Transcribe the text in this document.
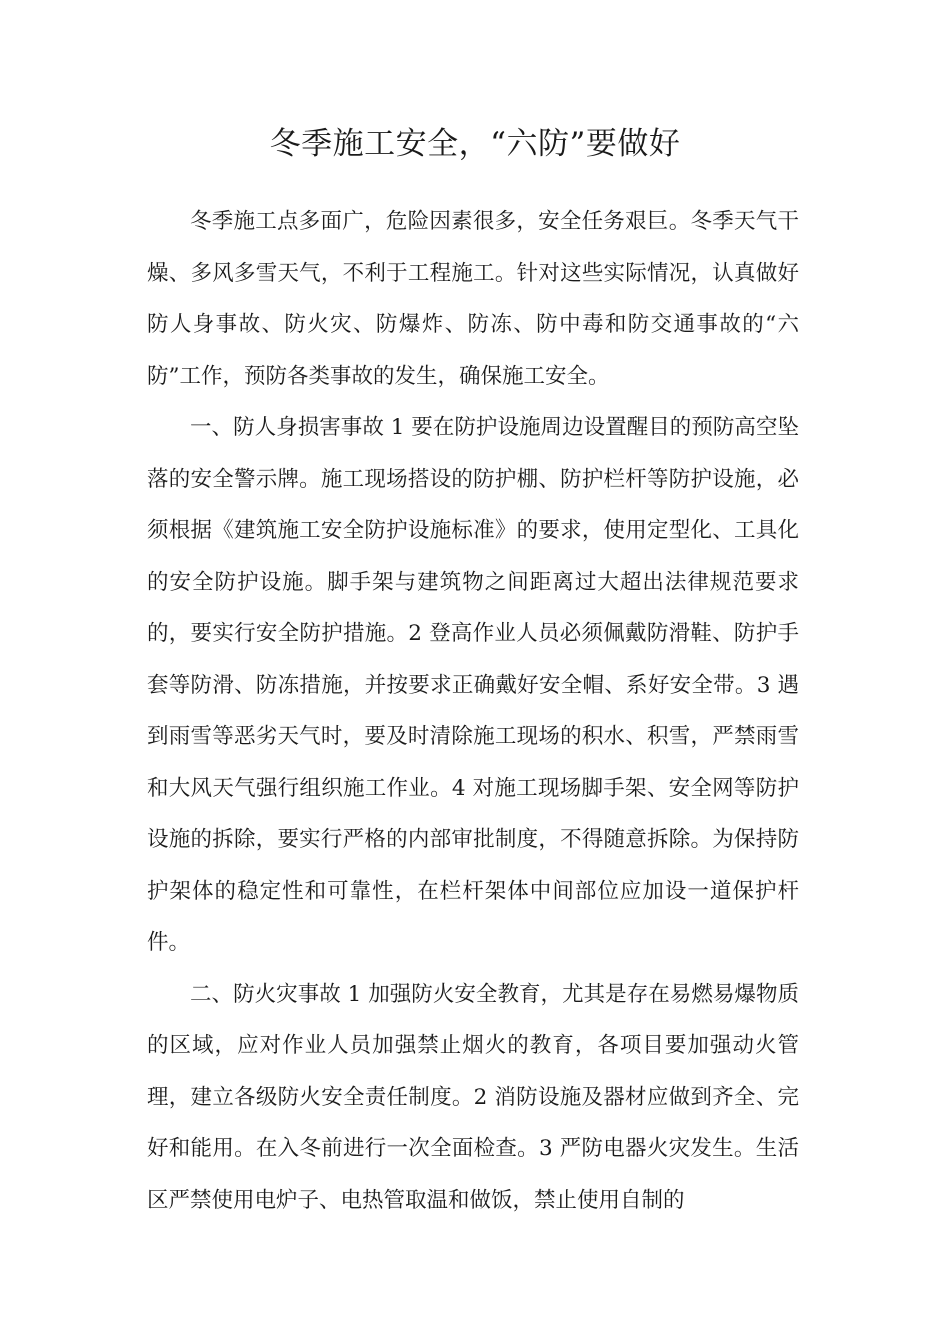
冬季施工安全，“六防”要做好

冬季施工点多面广，危险因素很多，安全任务艰巨。冬季天气干燥、多风多雪天气，不利于工程施工。针对这些实际情况，认真做好防人身事故、防火灾、防爆炸、防冻、防中毒和防交通事故的“六防”工作，预防各类事故的发生，确保施工安全。

一、防人身损害事故 1 要在防护设施周边设置醒目的预防高空坠落的安全警示牌。施工现场搭设的防护棚、防护栏杆等防护设施，必须根据《建筑施工安全防护设施标准》的要求，使用定型化、工具化的安全防护设施。脚手架与建筑物之间距离过大超出法律规范要求的，要实行安全防护措施。2 登高作业人员必须佩戴防滑鞋、防护手套等防滑、防冻措施，并按要求正确戴好安全帽、系好安全带。3 遇到雨雪等恶劣天气时，要及时清除施工现场的积水、积雪，严禁雨雪和大风天气强行组织施工作业。4 对施工现场脚手架、安全网等防护设施的拆除，要实行严格的内部审批制度，不得随意拆除。为保持防护架体的稳定性和可靠性，在栏杆架体中间部位应加设一道保护杆件。

二、防火灾事故 1 加强防火安全教育，尤其是存在易燃易爆物质的区域，应对作业人员加强禁止烟火的教育，各项目要加强动火管理，建立各级防火安全责任制度。2 消防设施及器材应做到齐全、完好和能用。在入冬前进行一次全面检查。3 严防电器火灾发生。生活区严禁使用电炉子、电热管取温和做饭，禁止使用自制的
